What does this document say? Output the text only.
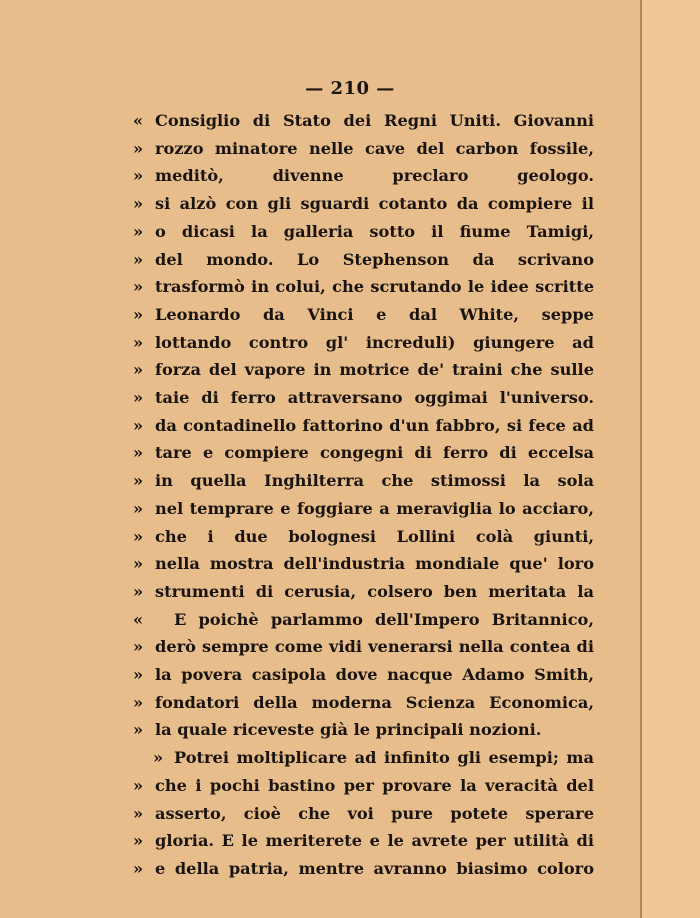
— 210 —
« Consiglio di Stato dei Regni Uniti. Giovanni
» rozzo minatore nelle cave del carbon fossile,
» meditò, divenne preclaro geologo.
» si alzò con gli sguardi cotanto da compiere il
» o dicasi la galleria sotto il fiume Tamigi,
» del mondo. Lo Stephenson da scrivano
» trasformò in colui, che scrutando le idee scritte
» Leonardo da Vinci e dal White, seppe
» lottando contro gl' increduli) giungere ad
» forza del vapore in motrice de' traini che sulle
» taie di ferro attraversano oggimai l'universo.
» da contadinello fattorino d'un fabbro, si fece ad
» tare e compiere congegni di ferro di eccelsa
» in quella Inghilterra che stimossi la sola
» nel temprare e foggiare a meraviglia lo acciaro,
» che i due bolognesi Lollini colà giunti,
» nella mostra dell'industria mondiale que' loro
» strumenti di cerusia, colsero ben meritata la
« E poichè parlammo dell'Impero Britannico,
» derò sempre come vidi venerarsi nella contea di
» la povera casipola dove nacque Adamo Smith,
» fondatori della moderna Scienza Economica,
» la quale riceveste già le principali nozioni.
» Potrei moltiplicare ad infinito gli esempi; ma
» che i pochi bastino per provare la veracità del
» asserto, cioè che voi pure potete sperare
» gloria. E le meriterete e le avrete per utilità di
» e della patria, mentre avranno biasimo coloro
